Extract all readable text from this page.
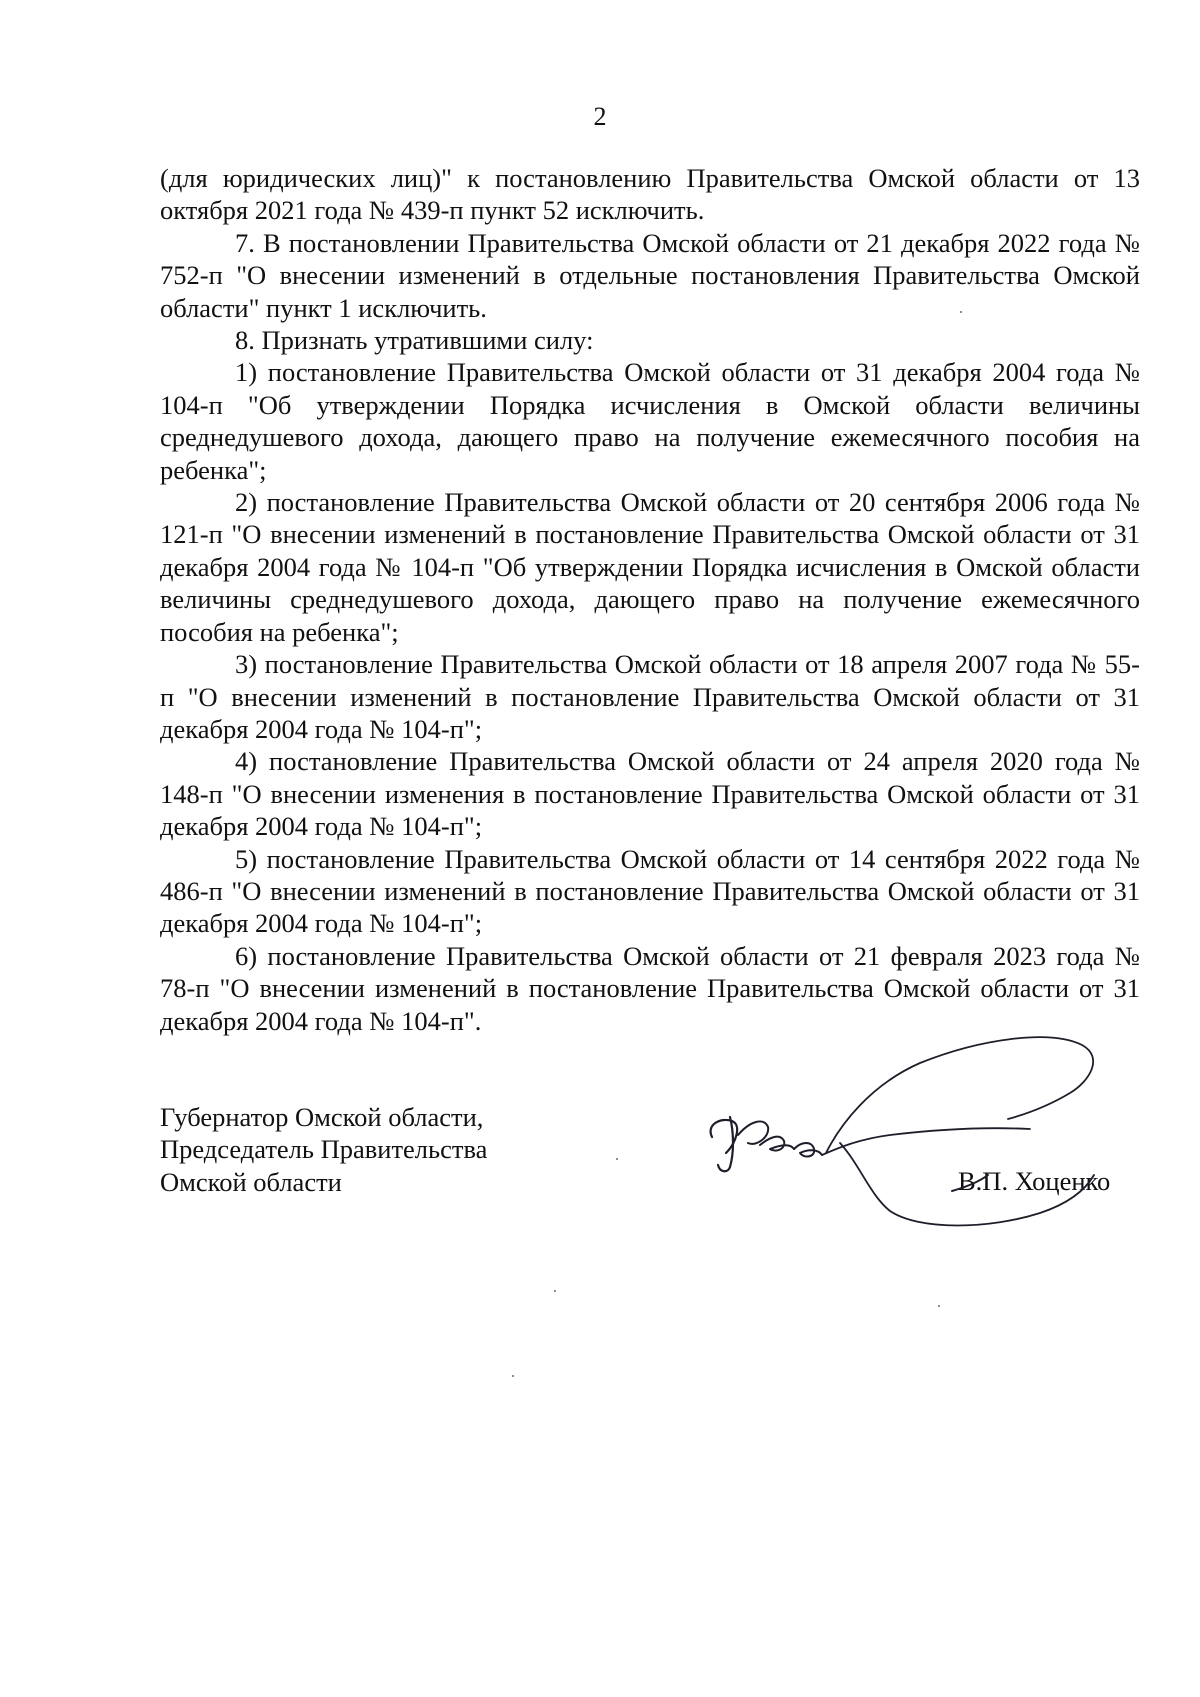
2

(для юридических лиц)" к постановлению Правительства Омской области от 13 октября 2021 года № 439-п пункт 52 исключить.

7. В постановлении Правительства Омской области от 21 декабря 2022 года № 752-п "О внесении изменений в отдельные постановления Правительства Омской области" пункт 1 исключить.

8. Признать утратившими силу:

1) постановление Правительства Омской области от 31 декабря 2004 года № 104-п "Об утверждении Порядка исчисления в Омской области величины среднедушевого дохода, дающего право на получение ежемесячного пособия на ребенка";

2) постановление Правительства Омской области от 20 сентября 2006 года № 121-п "О внесении изменений в постановление Правительства Омской области от 31 декабря 2004 года № 104-п "Об утверждении Порядка исчисления в Омской области величины среднедушевого дохода, дающего право на получение ежемесячного пособия на ребенка";

3) постановление Правительства Омской области от 18 апреля 2007 года № 55-п "О внесении изменений в постановление Правительства Омской области от 31 декабря 2004 года № 104-п";

4) постановление Правительства Омской области от 24 апреля 2020 года № 148-п "О внесении изменения в постановление Правительства Омской области от 31 декабря 2004 года № 104-п";

5) постановление Правительства Омской области от 14 сентября 2022 года № 486-п "О внесении изменений в постановление Правительства Омской области от 31 декабря 2004 года № 104-п";

6) постановление Правительства Омской области от 21 февраля 2023 года № 78-п "О внесении изменений в постановление Правительства Омской области от 31 декабря 2004 года № 104-п".

Губернатор Омской области,
Председатель Правительства
Омской области	В.П. Хоценко
